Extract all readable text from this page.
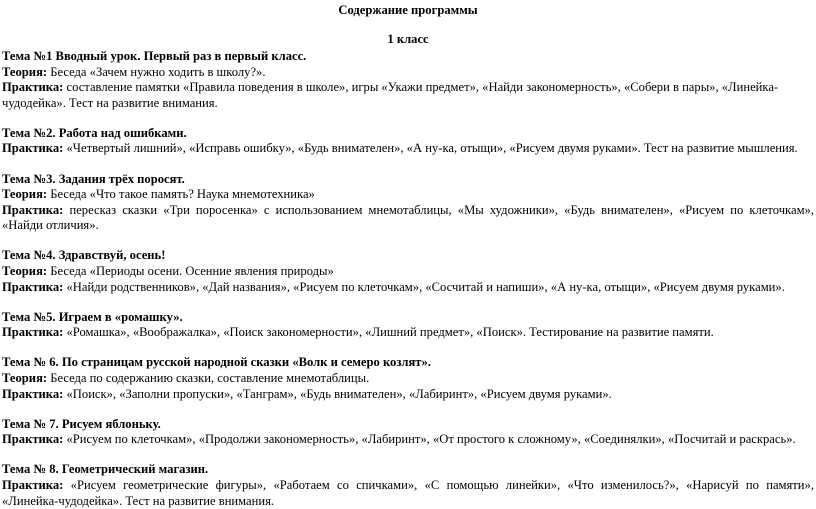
Содержание программы
1 класс

Тема №1 Вводный урок. Первый раз в первый класс.

Теория: Беседа «Зачем нужно ходить в школу?».

Практика: составление памятки «Правила поведения в школе», игры «Укажи предмет», «Найди закономерность», «Собери в пары», «Линейка-чудодейка». Тест на развитие внимания.

Тема №2. Работа над ошибками.

Практика: «Четвертый лишний», «Исправь ошибку», «Будь внимателен», «А ну-ка, отыщи», «Рисуем двумя руками». Тест на развитие мышления.

Тема №3. Задания трёх поросят.

Теория: Беседа «Что такое память? Наука мнемотехника»

Практика: пересказ сказки «Три поросенка» с использованием мнемотаблицы, «Мы художники», «Будь внимателен», «Рисуем по клеточкам», «Найди отличия».

Тема №4. Здравствуй, осень!

Теория: Беседа «Периоды осени. Осенние явления природы»

Практика: «Найди родственников», «Дай названия», «Рисуем по клеточкам», «Сосчитай и напиши», «А ну-ка, отыщи», «Рисуем двумя руками».

Тема №5. Играем в «ромашку».

Практика: «Ромашка», «Воображалка», «Поиск закономерности», «Лишний предмет», «Поиск». Тестирование на развитие памяти.

Тема № 6. По страницам русской народной сказки «Волк и семеро козлят».

Теория: Беседа по содержанию сказки, составление мнемотаблицы.

Практика: «Поиск», «Заполни пропуски», «Танграм», «Будь внимателен», «Лабиринт», «Рисуем двумя руками».

Тема № 7. Рисуем яблоньку.

Практика: «Рисуем по клеточкам», «Продолжи закономерность», «Лабиринт», «От простого к сложному», «Соединялки», «Посчитай и раскрась».

Тема № 8. Геометрический магазин.

Практика: «Рисуем геометрические фигуры», «Работаем со спичками», «С помощью линейки», «Что изменилось?», «Нарисуй по памяти», «Линейка-чудодейка». Тест на развитие внимания.
